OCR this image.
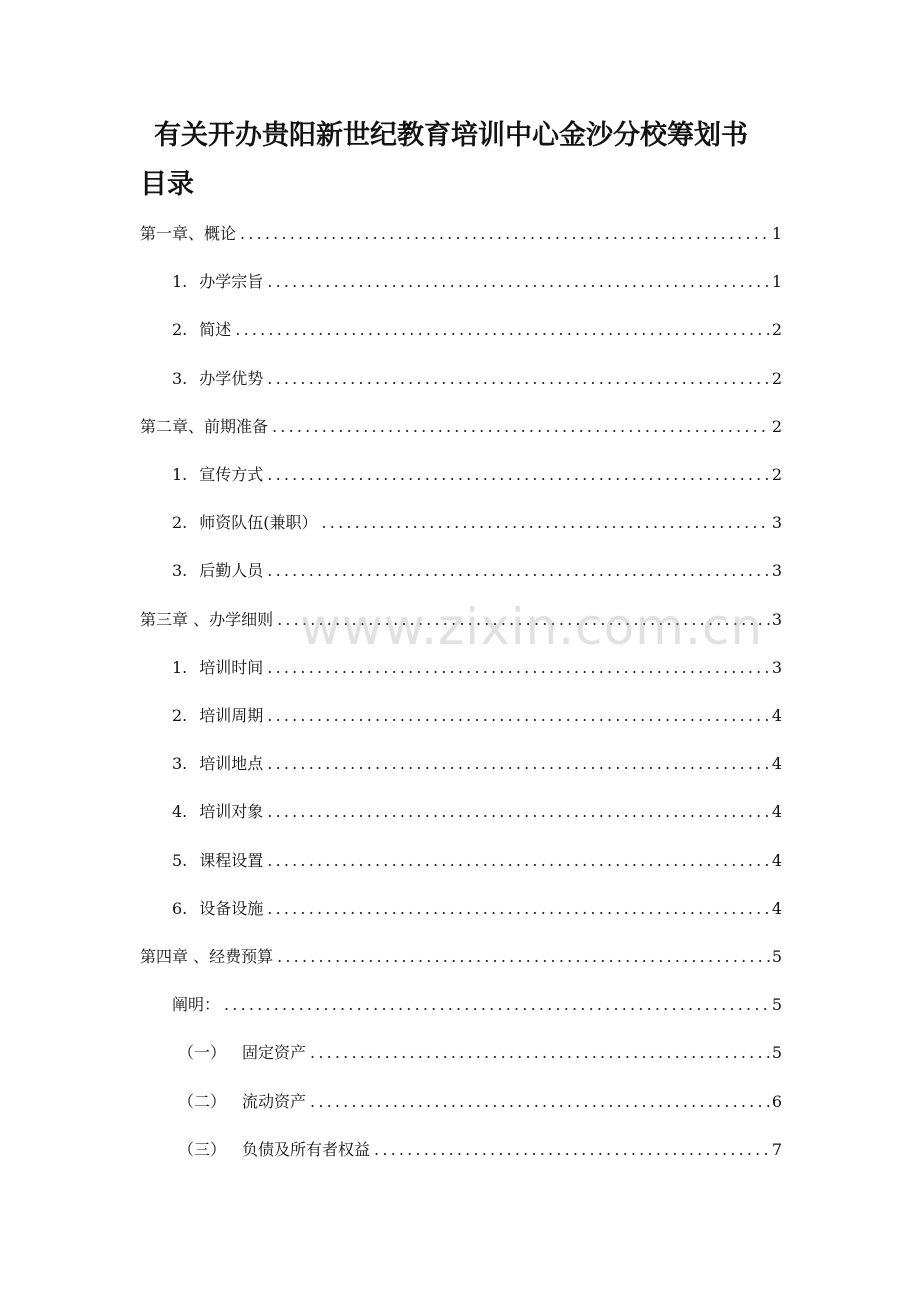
有关开办贵阳新世纪教育培训中心金沙分校筹划书
目录
第一章、概论 .....	1
1. 办学宗旨 .....	1
2. 简述 .....	2
3. 办学优势 .....	2
第二章、前期准备 .....	2
1. 宣传方式 .....	2
2. 师资队伍(兼职） .....	3
3. 后勤人员 .....	3
第三章 、办学细则 .....	3
1. 培训时间 .....	3
2. 培训周期 .....	4
3. 培训地点 .....	4
4. 培训对象 .....	4
5. 课程设置 .....	4
6. 设备设施 .....	4
第四章 、经费预算 .....	5
阐明： .....	5
（一） 固定资产 .....	5
（二） 流动资产 .....	6
（三） 负债及所有者权益 .....	7
www.zixin.com.cn
